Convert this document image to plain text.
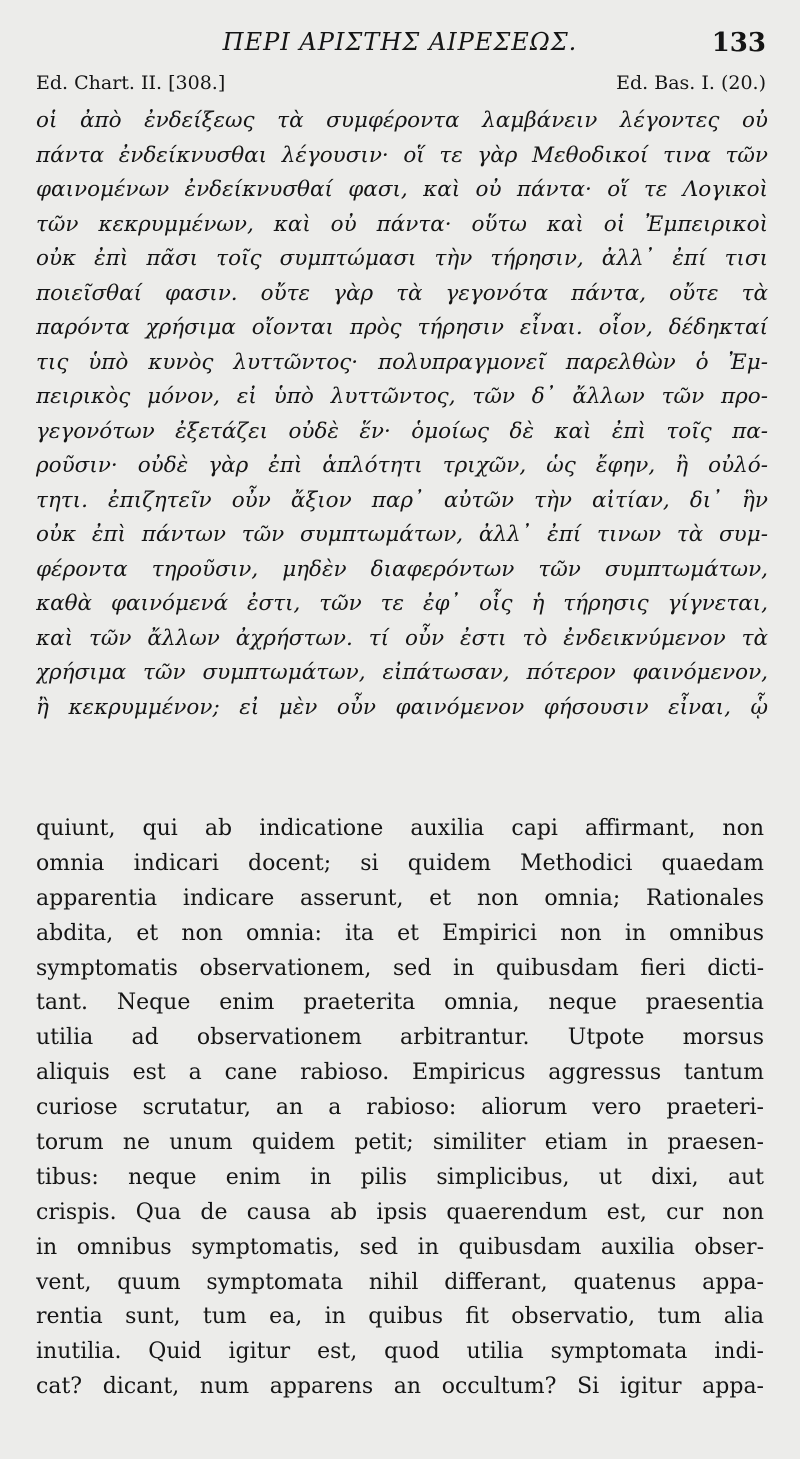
ΠΕΡΙ ΑΡΙΣΤΗΣ ΑΙΡΕΣΕΩΣ.	133
Ed. Chart. II. [308.]	Ed. Bas. I. (20.)
οἱ ἀπὸ ἐνδείξεως τὰ συμφέροντα λαμβάνειν λέγοντες οὐ
πάντα ἐνδείκνυσθαι λέγουσιν· οἵ τε γὰρ Μεθοδικοί τινα τῶν
φαινομένων ἐνδείκνυσθαί φασι, καὶ οὐ πάντα· οἵ τε Λογικοὶ
τῶν κεκρυμμένων, καὶ οὐ πάντα· οὕτω καὶ οἱ Ἐμπειρικοὶ
οὐκ ἐπὶ πᾶσι τοῖς συμπτώμασι τὴν τήρησιν, ἀλλ᾽ ἐπί τισι
ποιεῖσθαί φασιν. οὔτε γὰρ τὰ γεγονότα πάντα, οὔτε τὰ
παρόντα χρήσιμα οἴονται πρὸς τήρησιν εἶναι. οἷον, δέδηκταί
τις ὑπὸ κυνὸς λυττῶντος· πολυπραγμονεῖ παρελθὼν ὁ Ἐμ-
πειρικὸς μόνον, εἰ ὑπὸ λυττῶντος, τῶν δ᾽ ἄλλων τῶν προ-
γεγονότων ἐξετάζει οὐδὲ ἕν· ὁμοίως δὲ καὶ ἐπὶ τοῖς πα-
ροῦσιν· οὐδὲ γὰρ ἐπὶ ἁπλότητι τριχῶν, ὡς ἔφην, ἢ οὐλό-
τητι. ἐπιζητεῖν οὖν ἄξιον παρ᾽ αὐτῶν τὴν αἰτίαν, δι᾽ ἣν
οὐκ ἐπὶ πάντων τῶν συμπτωμάτων, ἀλλ᾽ ἐπί τινων τὰ συμ-
φέροντα τηροῦσιν, μηδὲν διαφερόντων τῶν συμπτωμάτων,
καθὰ φαινόμενά ἐστι, τῶν τε ἐφ᾽ οἷς ἡ τήρησις γίγνεται,
καὶ τῶν ἄλλων ἀχρήστων. τί οὖν ἐστι τὸ ἐνδεικνύμενον τὰ
χρήσιμα τῶν συμπτωμάτων, εἰπάτωσαν, πότερον φαινόμενον,
ἢ κεκρυμμένον; εἰ μὲν οὖν φαινόμενον φήσουσιν εἶναι, ᾧ
quiunt, qui ab indicatione auxilia capi affirmant, non
omnia indicari docent; si quidem Methodici quaedam
apparentia indicare asserunt, et non omnia; Rationales
abdita, et non omnia: ita et Empirici non in omnibus
symptomatis observationem, sed in quibusdam fieri dicti-
tant. Neque enim praeterita omnia, neque praesentia
utilia ad observationem arbitrantur. Utpote morsus
aliquis est a cane rabioso. Empiricus aggressus tantum
curiose scrutatur, an a rabioso: aliorum vero praeteri-
torum ne unum quidem petit; similiter etiam in praesen-
tibus: neque enim in pilis simplicibus, ut dixi, aut
crispis. Qua de causa ab ipsis quaerendum est, cur non
in omnibus symptomatis, sed in quibusdam auxilia obser-
vent, quum symptomata nihil differant, quatenus appa-
rentia sunt, tum ea, in quibus fit observatio, tum alia
inutilia. Quid igitur est, quod utilia symptomata indi-
cat? dicant, num apparens an occultum? Si igitur appa-
